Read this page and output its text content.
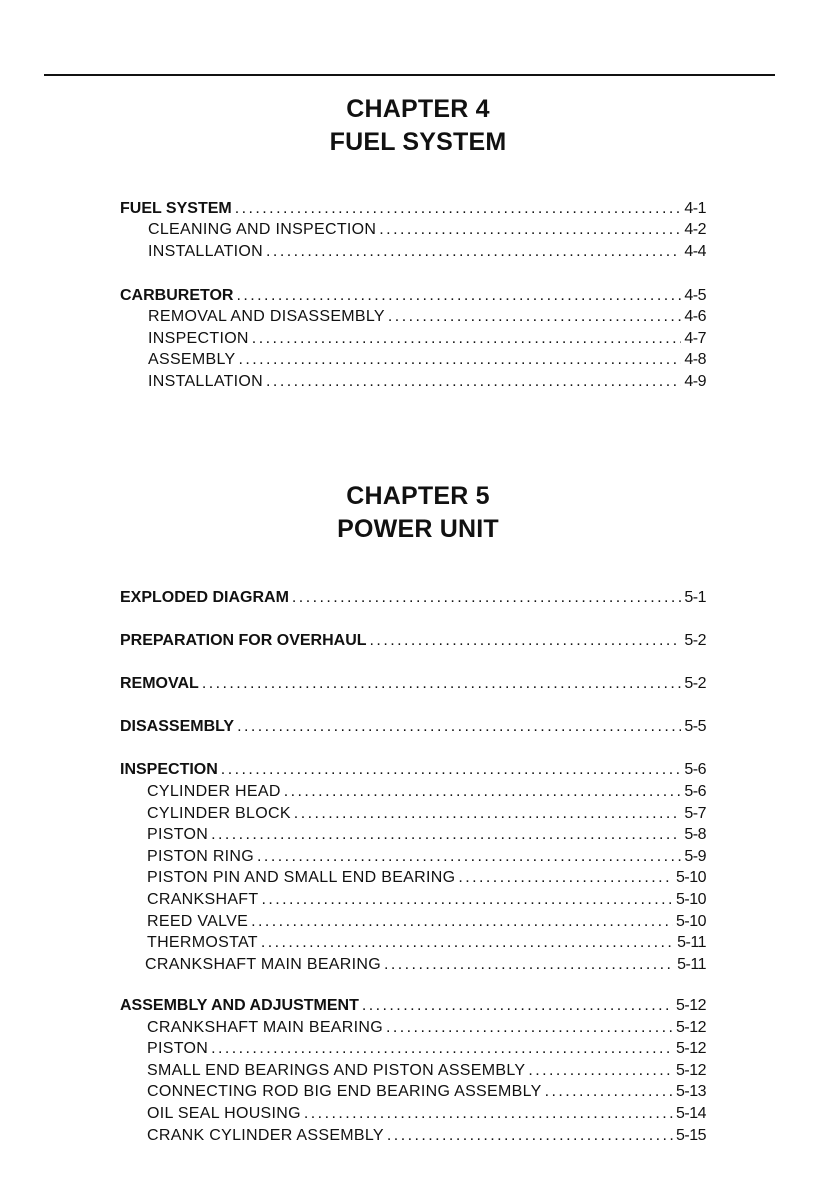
CHAPTER 4
FUEL SYSTEM
CHAPTER 5
POWER UNIT
FUEL SYSTEM . . .	4-1
CLEANING AND INSPECTION . . .	4-2
INSTALLATION . . .	4-4
CARBURETOR . . .	4-5
REMOVAL AND DISASSEMBLY . . .	4-6
INSPECTION . . .	4-7
ASSEMBLY . . .	4-8
INSTALLATION . . .	4-9
EXPLODED DIAGRAM . . .	5-1
PREPARATION FOR OVERHAUL . . .	5-2
REMOVAL . . .	5-2
DISASSEMBLY . . .	5-5
INSPECTION . . .	5-6
CYLINDER HEAD . . .	5-6
CYLINDER BLOCK . . .	5-7
PISTON . . .	5-8
PISTON RING . . .	5-9
PISTON PIN AND SMALL END BEARING . . .	5-10
CRANKSHAFT . . .	5-10
REED VALVE . . .	5-10
THERMOSTAT . . .	5-11
CRANKSHAFT MAIN BEARING . . .	5-11
ASSEMBLY AND ADJUSTMENT . . .	5-12
CRANKSHAFT MAIN BEARING . . .	5-12
PISTON . . .	5-12
SMALL END BEARINGS AND PISTON ASSEMBLY . . .	5-12
CONNECTING ROD BIG END BEARING ASSEMBLY . . .	5-13
OIL SEAL HOUSING . . .	5-14
CRANK CYLINDER ASSEMBLY . . .	5-15
